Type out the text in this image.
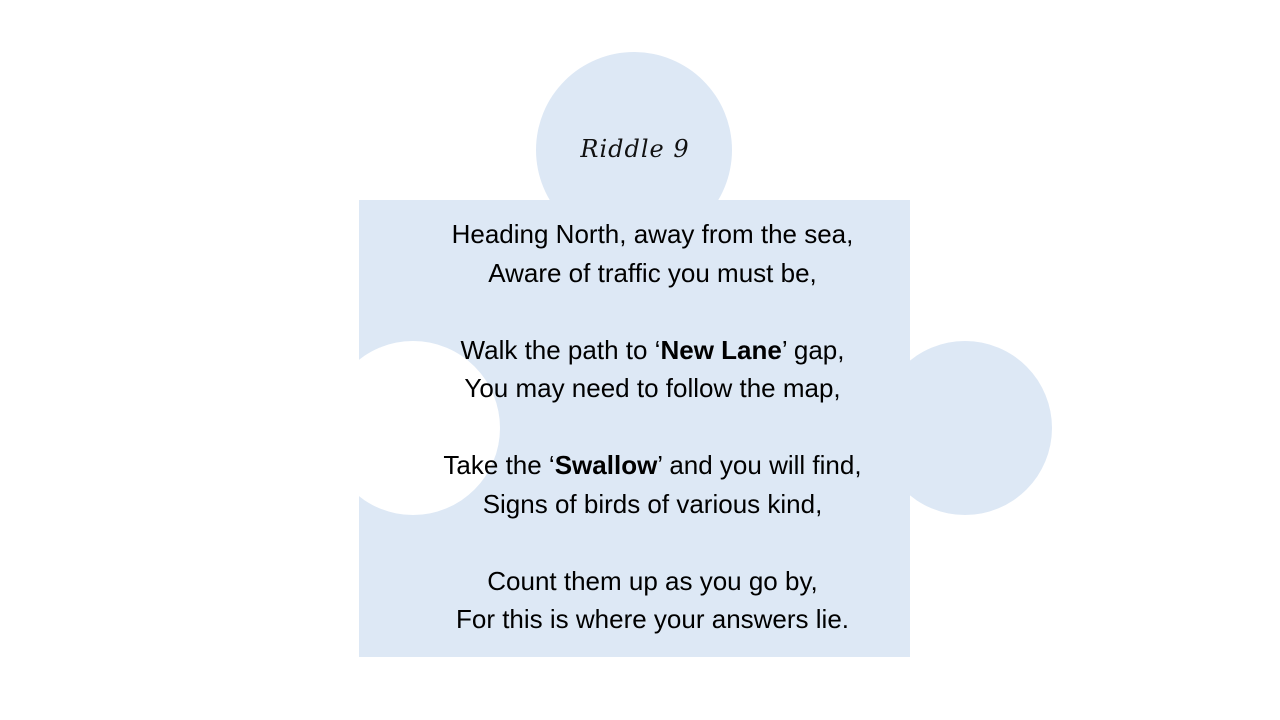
Riddle 9
Heading North, away from the sea,
Aware of traffic you must be,
Walk the path to ‘New Lane’ gap,
You may need to follow the map,
Take the ‘Swallow’ and you will find,
Signs of birds of various kind,
Count them up as you go by,
For this is where your answers lie.
